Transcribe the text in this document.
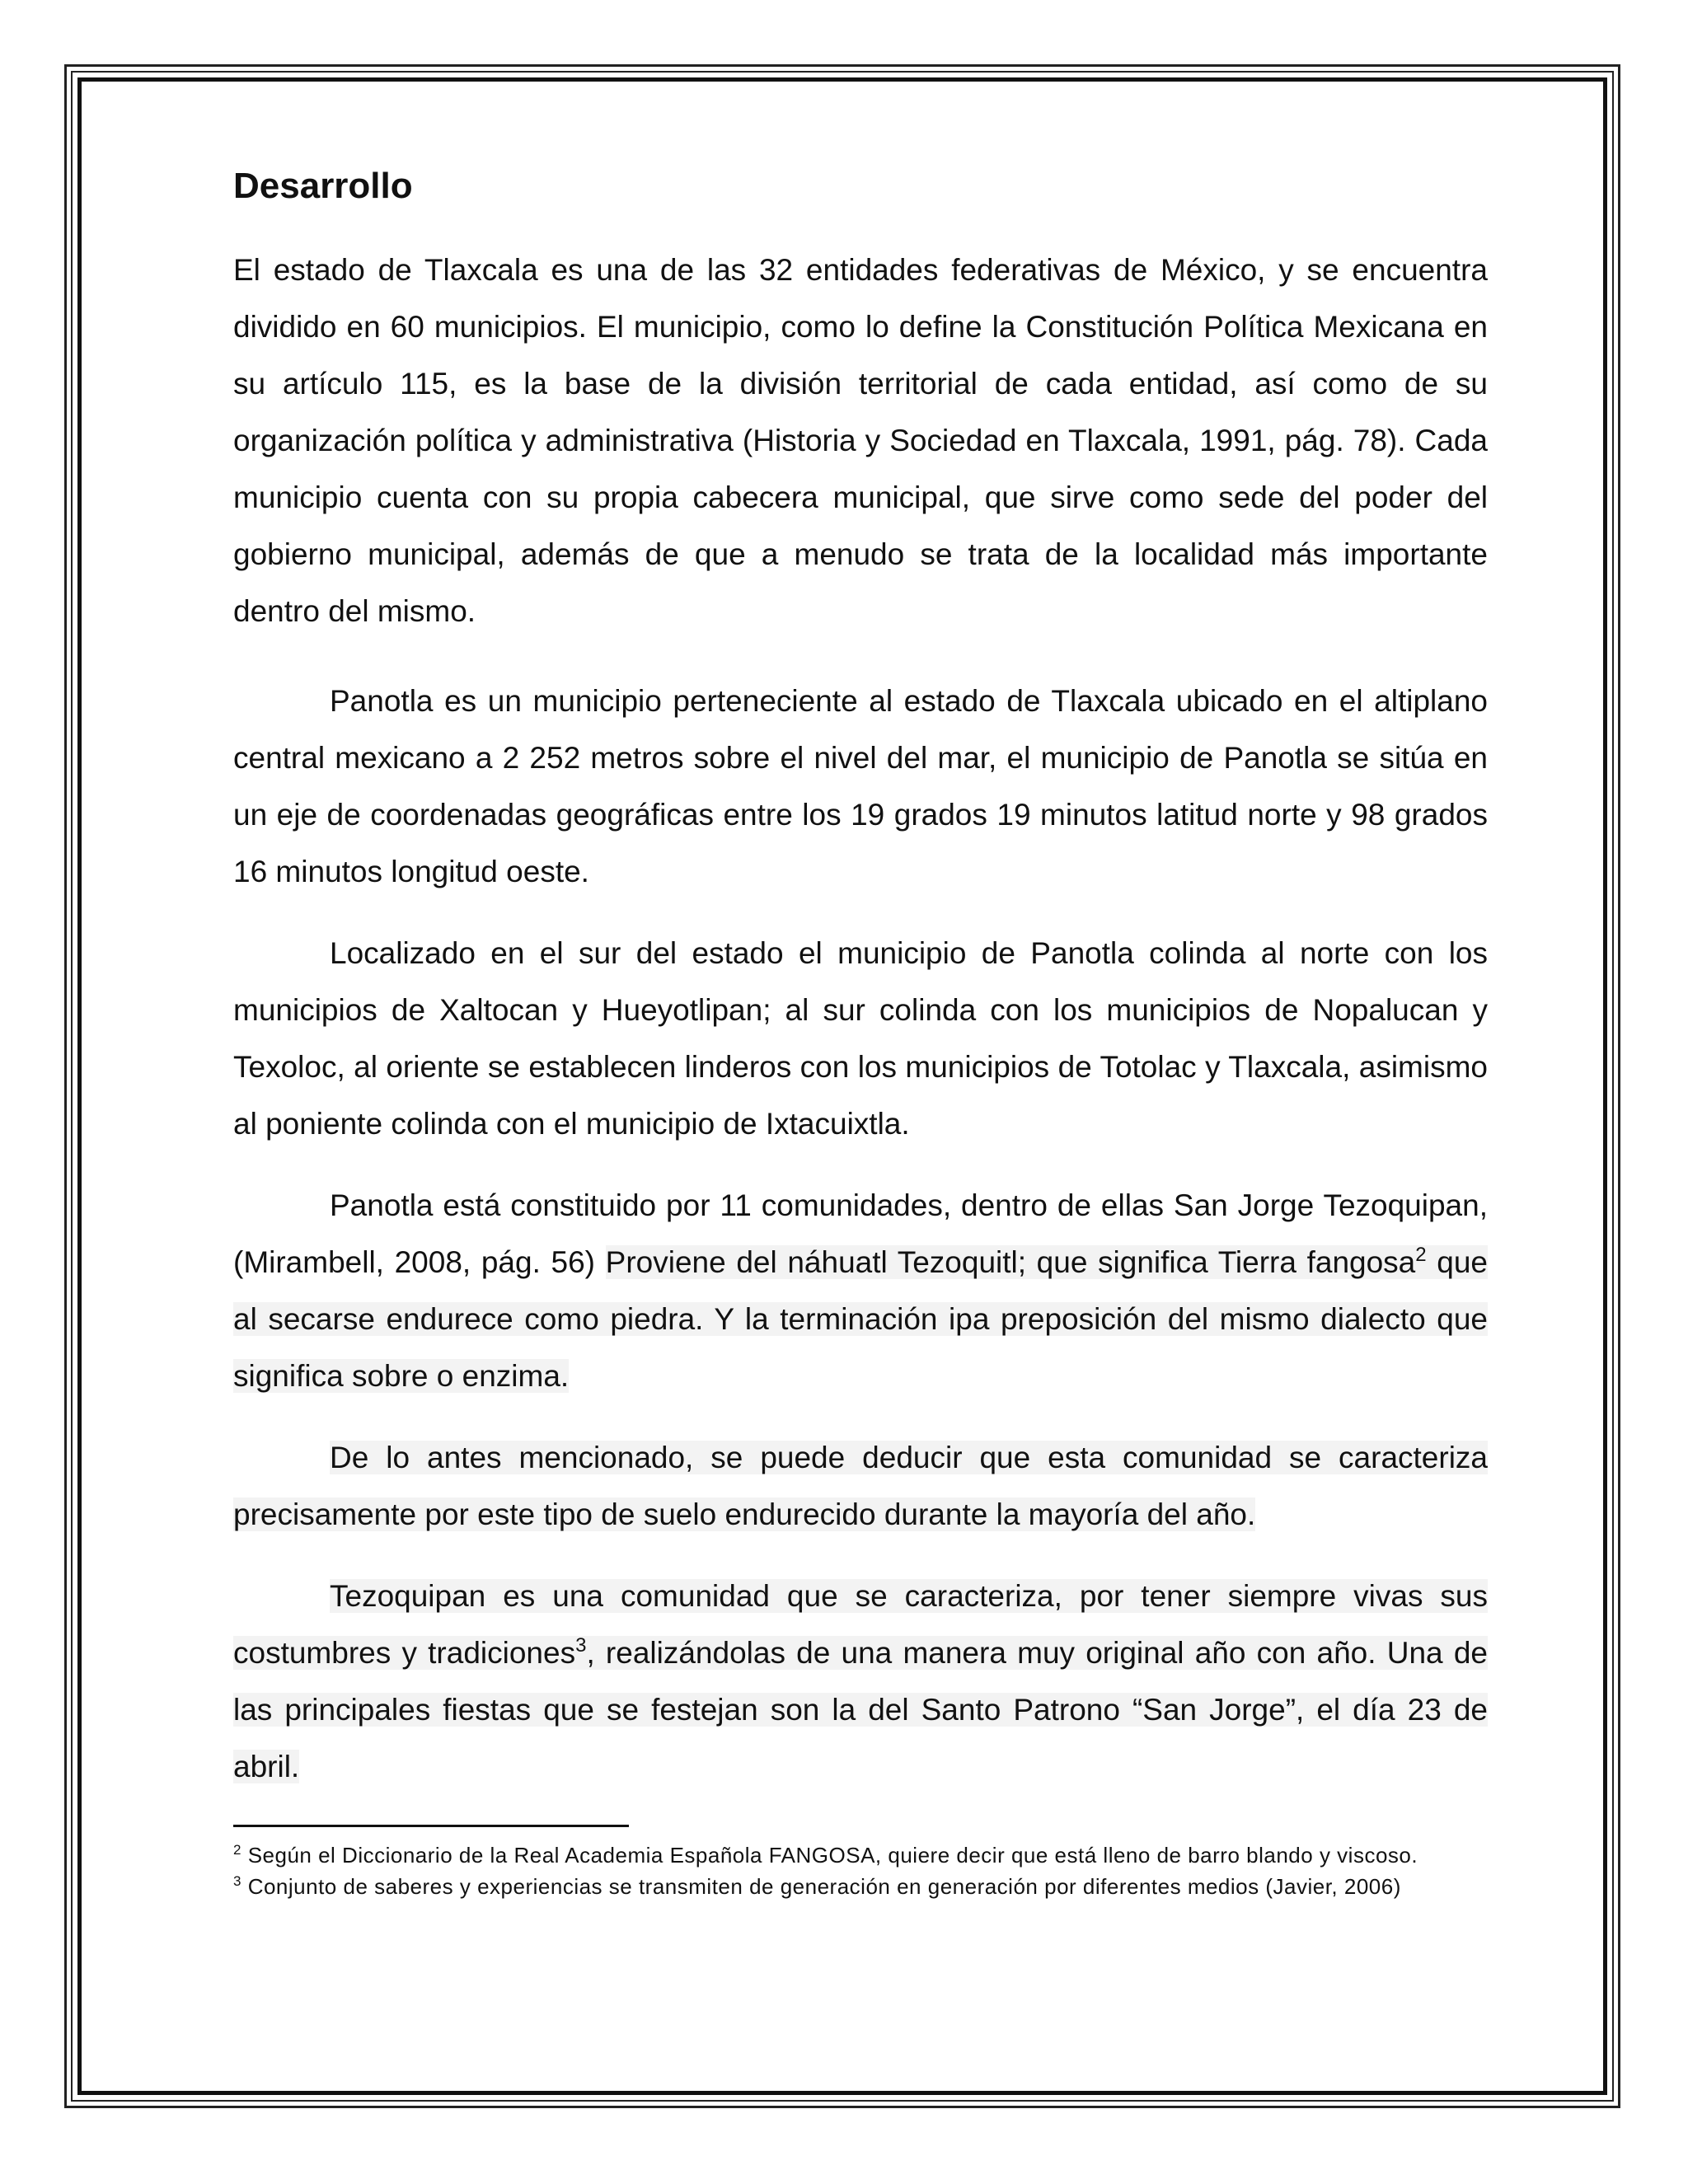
Desarrollo

El estado de Tlaxcala es una de las 32 entidades federativas de México, y se encuentra dividido en 60 municipios. El municipio, como lo define la Constitución Política Mexicana en su artículo 115, es la base de la división territorial de cada entidad, así como de su organización política y administrativa (Historia y Sociedad en Tlaxcala, 1991, pág. 78). Cada municipio cuenta con su propia cabecera municipal, que sirve como sede del poder del gobierno municipal, además de que a menudo se trata de la localidad más importante dentro del mismo.

Panotla es un municipio perteneciente al estado de Tlaxcala ubicado en el altiplano central mexicano a 2 252 metros sobre el nivel del mar, el municipio de Panotla se sitúa en un eje de coordenadas geográficas entre los 19 grados 19 minutos latitud norte y 98 grados 16 minutos longitud oeste.

Localizado en el sur del estado el municipio de Panotla colinda al norte con los municipios de Xaltocan y Hueyotlipan; al sur colinda con los municipios de Nopalucan y Texoloc, al oriente se establecen linderos con los municipios de Totolac y Tlaxcala, asimismo al poniente colinda con el municipio de Ixtacuixtla.

Panotla está constituido por 11 comunidades, dentro de ellas San Jorge Tezoquipan, (Mirambell, 2008, pág. 56) Proviene del náhuatl Tezoquitl; que significa Tierra fangosa$^2$ que al secarse endurece como piedra. Y la terminación ipa preposición del mismo dialecto que significa sobre o enzima.

De lo antes mencionado, se puede deducir que esta comunidad se caracteriza precisamente por este tipo de suelo endurecido durante la mayoría del año.

Tezoquipan es una comunidad que se caracteriza, por tener siempre vivas sus costumbres y tradiciones$^3$, realizándolas de una manera muy original año con año. Una de las principales fiestas que se festejan son la del Santo Patrono “San Jorge”, el día 23 de abril.

$^2$ Según el Diccionario de la Real Academia Española FANGOSA, quiere decir que está lleno de barro blando y viscoso.

$^3$ Conjunto de saberes y experiencias se transmiten de generación en generación por diferentes medios (Javier, 2006)
